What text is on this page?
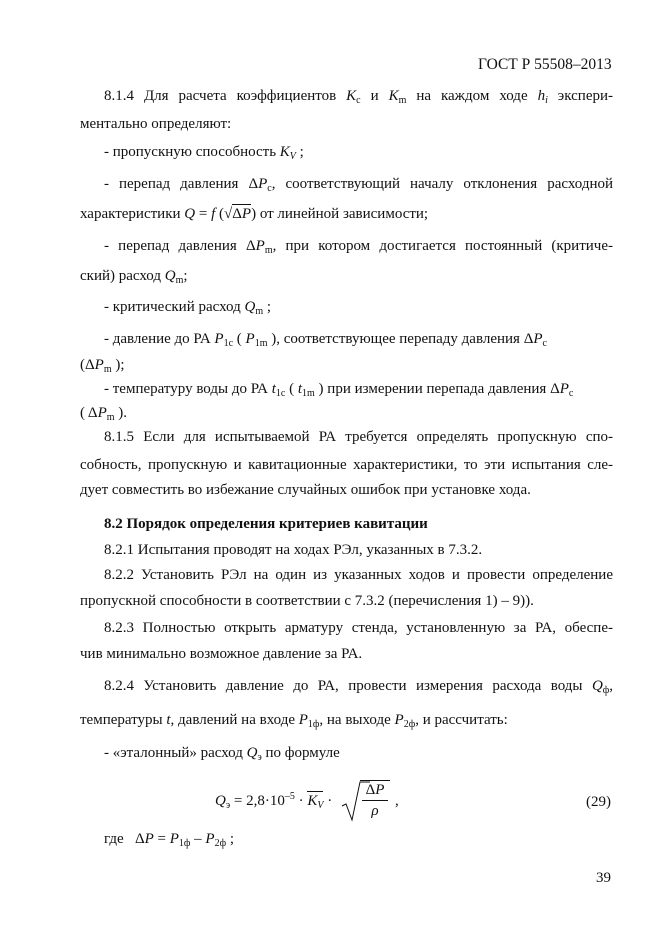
ГОСТ Р 55508–2013
8.1.4 Для расчета коэффициентов $K_c$ и $K_m$ на каждом ходе $h_i$ экспери-
ментально определяют:
- пропускную способность $K_V$ ;
- перепад давления $\Delta P_c$, соответствующий началу отклонения расходной
характеристики Q = f (√ΔP) от линейной зависимости;
- перепад давления $\Delta P_m$, при котором достигается постоянный (критиче-
ский) расход $Q_m$;
- критический расход $Q_m$ ;
- давление до РА $P_{1c}$ ( $P_{1m}$ ), соответствующее перепаду давления $\Delta P_c$
($\Delta P_m$ );
- температуру воды до РА $t_{1c}$ ( $t_{1m}$ ) при измерении перепада давления $\Delta P_c$
( $\Delta P_m$ ).
8.1.5 Если для испытываемой РА требуется определять пропускную спо-
собность, пропускную и кавитационные характеристики, то эти испытания сле-
дует совместить во избежание случайных ошибок при установке хода.
8.2 Порядок определения критериев кавитации
8.2.1 Испытания проводят на ходах РЭл, указанных в 7.3.2.
8.2.2 Установить РЭл на один из указанных ходов и провести определение
пропускной способности в соответствии с 7.3.2 (перечисления 1) – 9)).
8.2.3 Полностью открыть арматуру стенда, установленную за РА, обеспе-
чив минимально возможное давление за РА.
8.2.4 Установить давление до РА, провести измерения расхода воды $Q_ф$,
температуры t, давлений на входе $P_{1ф}$, на выходе $P_{2ф}$, и рассчитать:
- «эталонный» расход $Q_э$ по формуле
$Q_э = 2,8\cdot 10^{-5} \cdot K_V$ ·
ΔP
ρ
,	(29)
где   $\Delta P = P_{1ф} - P_{2ф}$ ;
39
